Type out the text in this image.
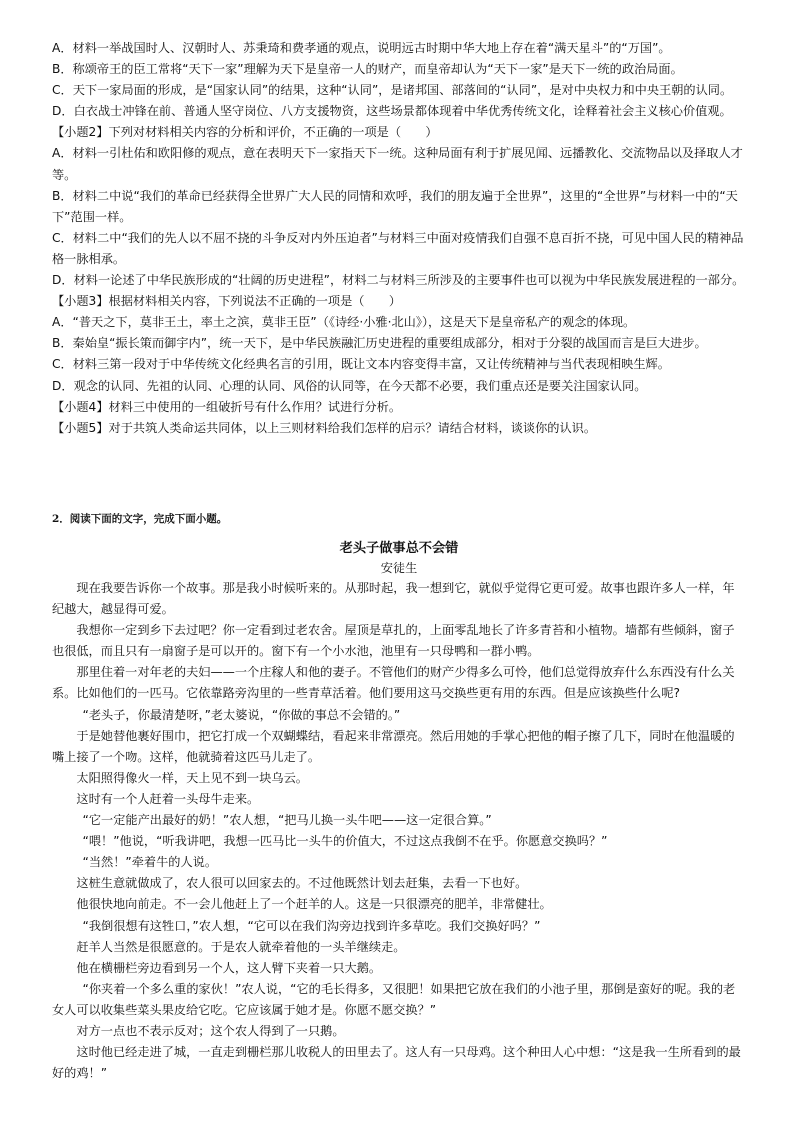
A．材料一举战国时人、汉朝时人、苏秉琦和费孝通的观点，说明远古时期中华大地上存在着“满天星斗”的“万国”。

B．称颂帝王的臣工常将“天下一家”理解为天下是皇帝一人的财产，而皇帝却认为“天下一家”是天下一统的政治局面。

C．天下一家局面的形成，是“国家认同”的结果，这种“认同”，是诸邦国、部落间的“认同”，是对中央权力和中央王朝的认同。

D．白衣战士冲锋在前、普通人坚守岗位、八方支援物资，这些场景都体现着中华优秀传统文化，诠释着社会主义核心价值观。

【小题2】下列对材料相关内容的分析和评价，不正确的一项是（　　）

A．材料一引杜佑和欧阳修的观点，意在表明天下一家指天下一统。这种局面有利于扩展见闻、远播教化、交流物品以及择取人才等。

B．材料二中说“我们的革命已经获得全世界广大人民的同情和欢呼，我们的朋友遍于全世界”，这里的“全世界”与材料一中的“天下”范围一样。

C．材料二中“我们的先人以不屈不挠的斗争反对内外压迫者”与材料三中面对疫情我们自强不息百折不挠，可见中国人民的精神品格一脉相承。

D．材料一论述了中华民族形成的“壮阔的历史进程”，材料二与材料三所涉及的主要事件也可以视为中华民族发展进程的一部分。

【小题3】根据材料相关内容，下列说法不正确的一项是（　　）

A．“普天之下，莫非王土，率土之滨，莫非王臣”（《诗经·小雅·北山》），这是天下是皇帝私产的观念的体现。

B．秦始皇“振长策而御宇内”，统一天下，是中华民族融汇历史进程的重要组成部分，相对于分裂的战国而言是巨大进步。

C．材料三第一段对于中华传统文化经典名言的引用，既让文本内容变得丰富，又让传统精神与当代表现相映生辉。

D．观念的认同、先祖的认同、心理的认同、风俗的认同等，在今天都不必要，我们重点还是要关注国家认同。

【小题4】材料三中使用的一组破折号有什么作用？试进行分析。

【小题5】对于共筑人类命运共同体，以上三则材料给我们怎样的启示？请结合材料，谈谈你的认识。

2．阅读下面的文字，完成下面小题。

老头子做事总不会错

安徒生

现在我要告诉你一个故事。那是我小时候听来的。从那时起，我一想到它，就似乎觉得它更可爱。故事也跟许多人一样，年纪越大，越显得可爱。

我想你一定到乡下去过吧？你一定看到过老农舍。屋顶是草扎的，上面零乱地长了许多青苔和小植物。墙都有些倾斜，窗子也很低，而且只有一扇窗子是可以开的。窗下有一个小水池，池里有一只母鸭和一群小鸭。

那里住着一对年老的夫妇——一个庄稼人和他的妻子。不管他们的财产少得多么可怜，他们总觉得放弃什么东西没有什么关系。比如他们的一匹马。它依靠路旁沟里的一些青草活着。他们要用这马交换些更有用的东西。但是应该换些什么呢?

“老头子，你最清楚呀，”老太婆说，“你做的事总不会错的。”

于是她替他裹好围巾，把它打成一个双蝴蝶结，看起来非常漂亮。然后用她的手掌心把他的帽子擦了几下，同时在他温暖的嘴上接了一个吻。这样，他就骑着这匹马儿走了。

太阳照得像火一样，天上见不到一块乌云。

这时有一个人赶着一头母牛走来。

“它一定能产出最好的奶！”农人想，“把马儿换一头牛吧——这一定很合算。”

“喂！”他说，“听我讲吧，我想一匹马比一头牛的价值大，不过这点我倒不在乎。你愿意交换吗？”

“当然！”牵着牛的人说。

这桩生意就做成了，农人很可以回家去的。不过他既然计划去赶集，去看一下也好。

他很快地向前走。不一会儿他赶上了一个赶羊的人。这是一只很漂亮的肥羊，非常健壮。

“我倒很想有这牲口，”农人想，“它可以在我们沟旁边找到许多草吃。我们交换好吗？”

赶羊人当然是很愿意的。于是农人就牵着他的一头羊继续走。

他在横栅栏旁边看到另一个人，这人臂下夹着一只大鹅。

“你夹着一个多么重的家伙！”农人说，“它的毛长得多，又很肥！如果把它放在我们的小池子里，那倒是蛮好的呢。我的老女人可以收集些菜头果皮给它吃。它应该属于她才是。你愿不愿交换？”

对方一点也不表示反对；这个农人得到了一只鹅。

这时他已经走进了城，一直走到栅栏那儿收税人的田里去了。这人有一只母鸡。这个种田人心中想：“这是我一生所看到的最好的鸡！”
